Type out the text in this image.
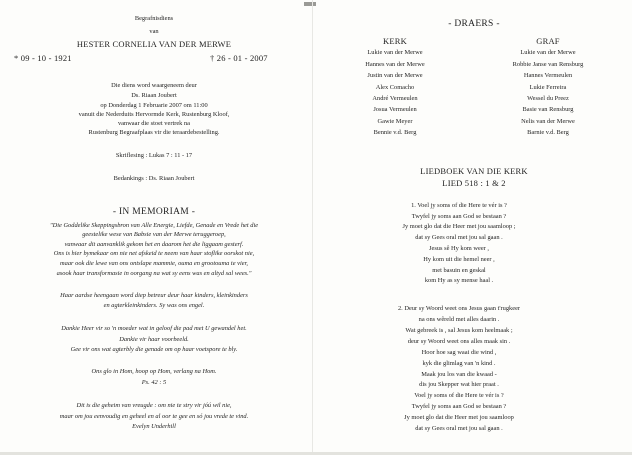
Begrafnisdiens
van
HESTER CORNELIA VAN DER MERWE
* 09 - 10 - 1921	† 26 - 01 - 2007
Die diens word waargeneem deur
Ds. Riaan Joubert
op Donderdag 1 Februarie 2007 om 11:00
vanuit die Nederduits Hervormde Kerk, Rustenburg Kloof,
vanwaar die stoet vertrek na
Rustenburg Begraafplaas vir die teraardebestelling.
Skriflesing : Lukas 7 : 11 - 17
Bedankings : Ds. Riaan Joubert
- IN MEMORIAM -
"Die Goddelike Skeppingsbron van Alle Energie, Liefde, Genade en Vrede het die
geestelike wese van Babsie van der Merwe teruggeroep,
vanwaar dit aanvanklik gekom het en daarom het die liggaam gesterf.
Ons is hier bymekaar om nie net afskeid te neem van haar stoflike oorskot nie,
maar ook die lewe van ons ontslape mammie, ouma en grootouma te vier,
asook haar transformasie in oorgang na wat sy eens was en altyd sal wees."
Haar aardse heengaan word diep betreur deur haar kinders, kleinkinders
en agterkleinkinders. Sy was ons engel.
Dankie Heer vir so 'n moeder wat in geloof die pad met U gewandel het.
Dankie vir haar voorbeeld.
Gee vir ons wat agterbly die genade om op haar voetspore te bly.
Ons glo in Hom, hoop op Hom, verlang na Hom.
Ps. 42 : 5
Dit is die geheim van vreugde : om nie te stry vir jóú wil nie,
maar om jou eenvoudig en geheel en al oor te gee en só jou vrede te vind.
Evelyn Underhill
- DRAERS -
KERK	GRAF
Lukie van der Merwe
Hannes van der Merwe
Justin van der Merwe
Alex Comacho
André Vermeulen
Josua Vermeulen
Gawie Meyer
Bennie v.d. Berg
Lukie van der Merwe
Robbie Janse van Rensburg
Hannes Vermeulen
Lukie Ferreira
Wessel du Preez
Basie van Rensburg
Nelis van der Merwe
Barnie v.d. Berg
LIEDBOEK VAN DIE KERK
LIED 518 : 1 & 2
1. Voel jy soms of die Here te vér is ?
Twyfel jy soms aan God se bestaan ?
Jy moet glo dat die Heer met jou saamloop ;
dat sy Gees oral met jou sal gaan .
Jesus sê Hy kom weer ,
Hy kom uit die hemel neer ,
met basuin en geskal
kom Hy as sy mense haal .
2. Deur sy Woord weet ons Jesus gaan t'rugkeer
na ons wêreld met alles daarin .
Wat gebreek is , sal Jesus kom heelmaak ;
deur sy Woord weet ons alles maak sin .
Hoor hoe sag waai die wind ,
kyk die glimlag van 'n kind .
Maak jou los van die kwaad -
dis jou Skepper wat hier praat .
Voel jy soms of die Here te vér is ?
Twyfel jy soms aan God se bestaan ?
Jy moet glo dat die Heer met jou saamloop
dat sy Gees oral met jou sal gaan .
